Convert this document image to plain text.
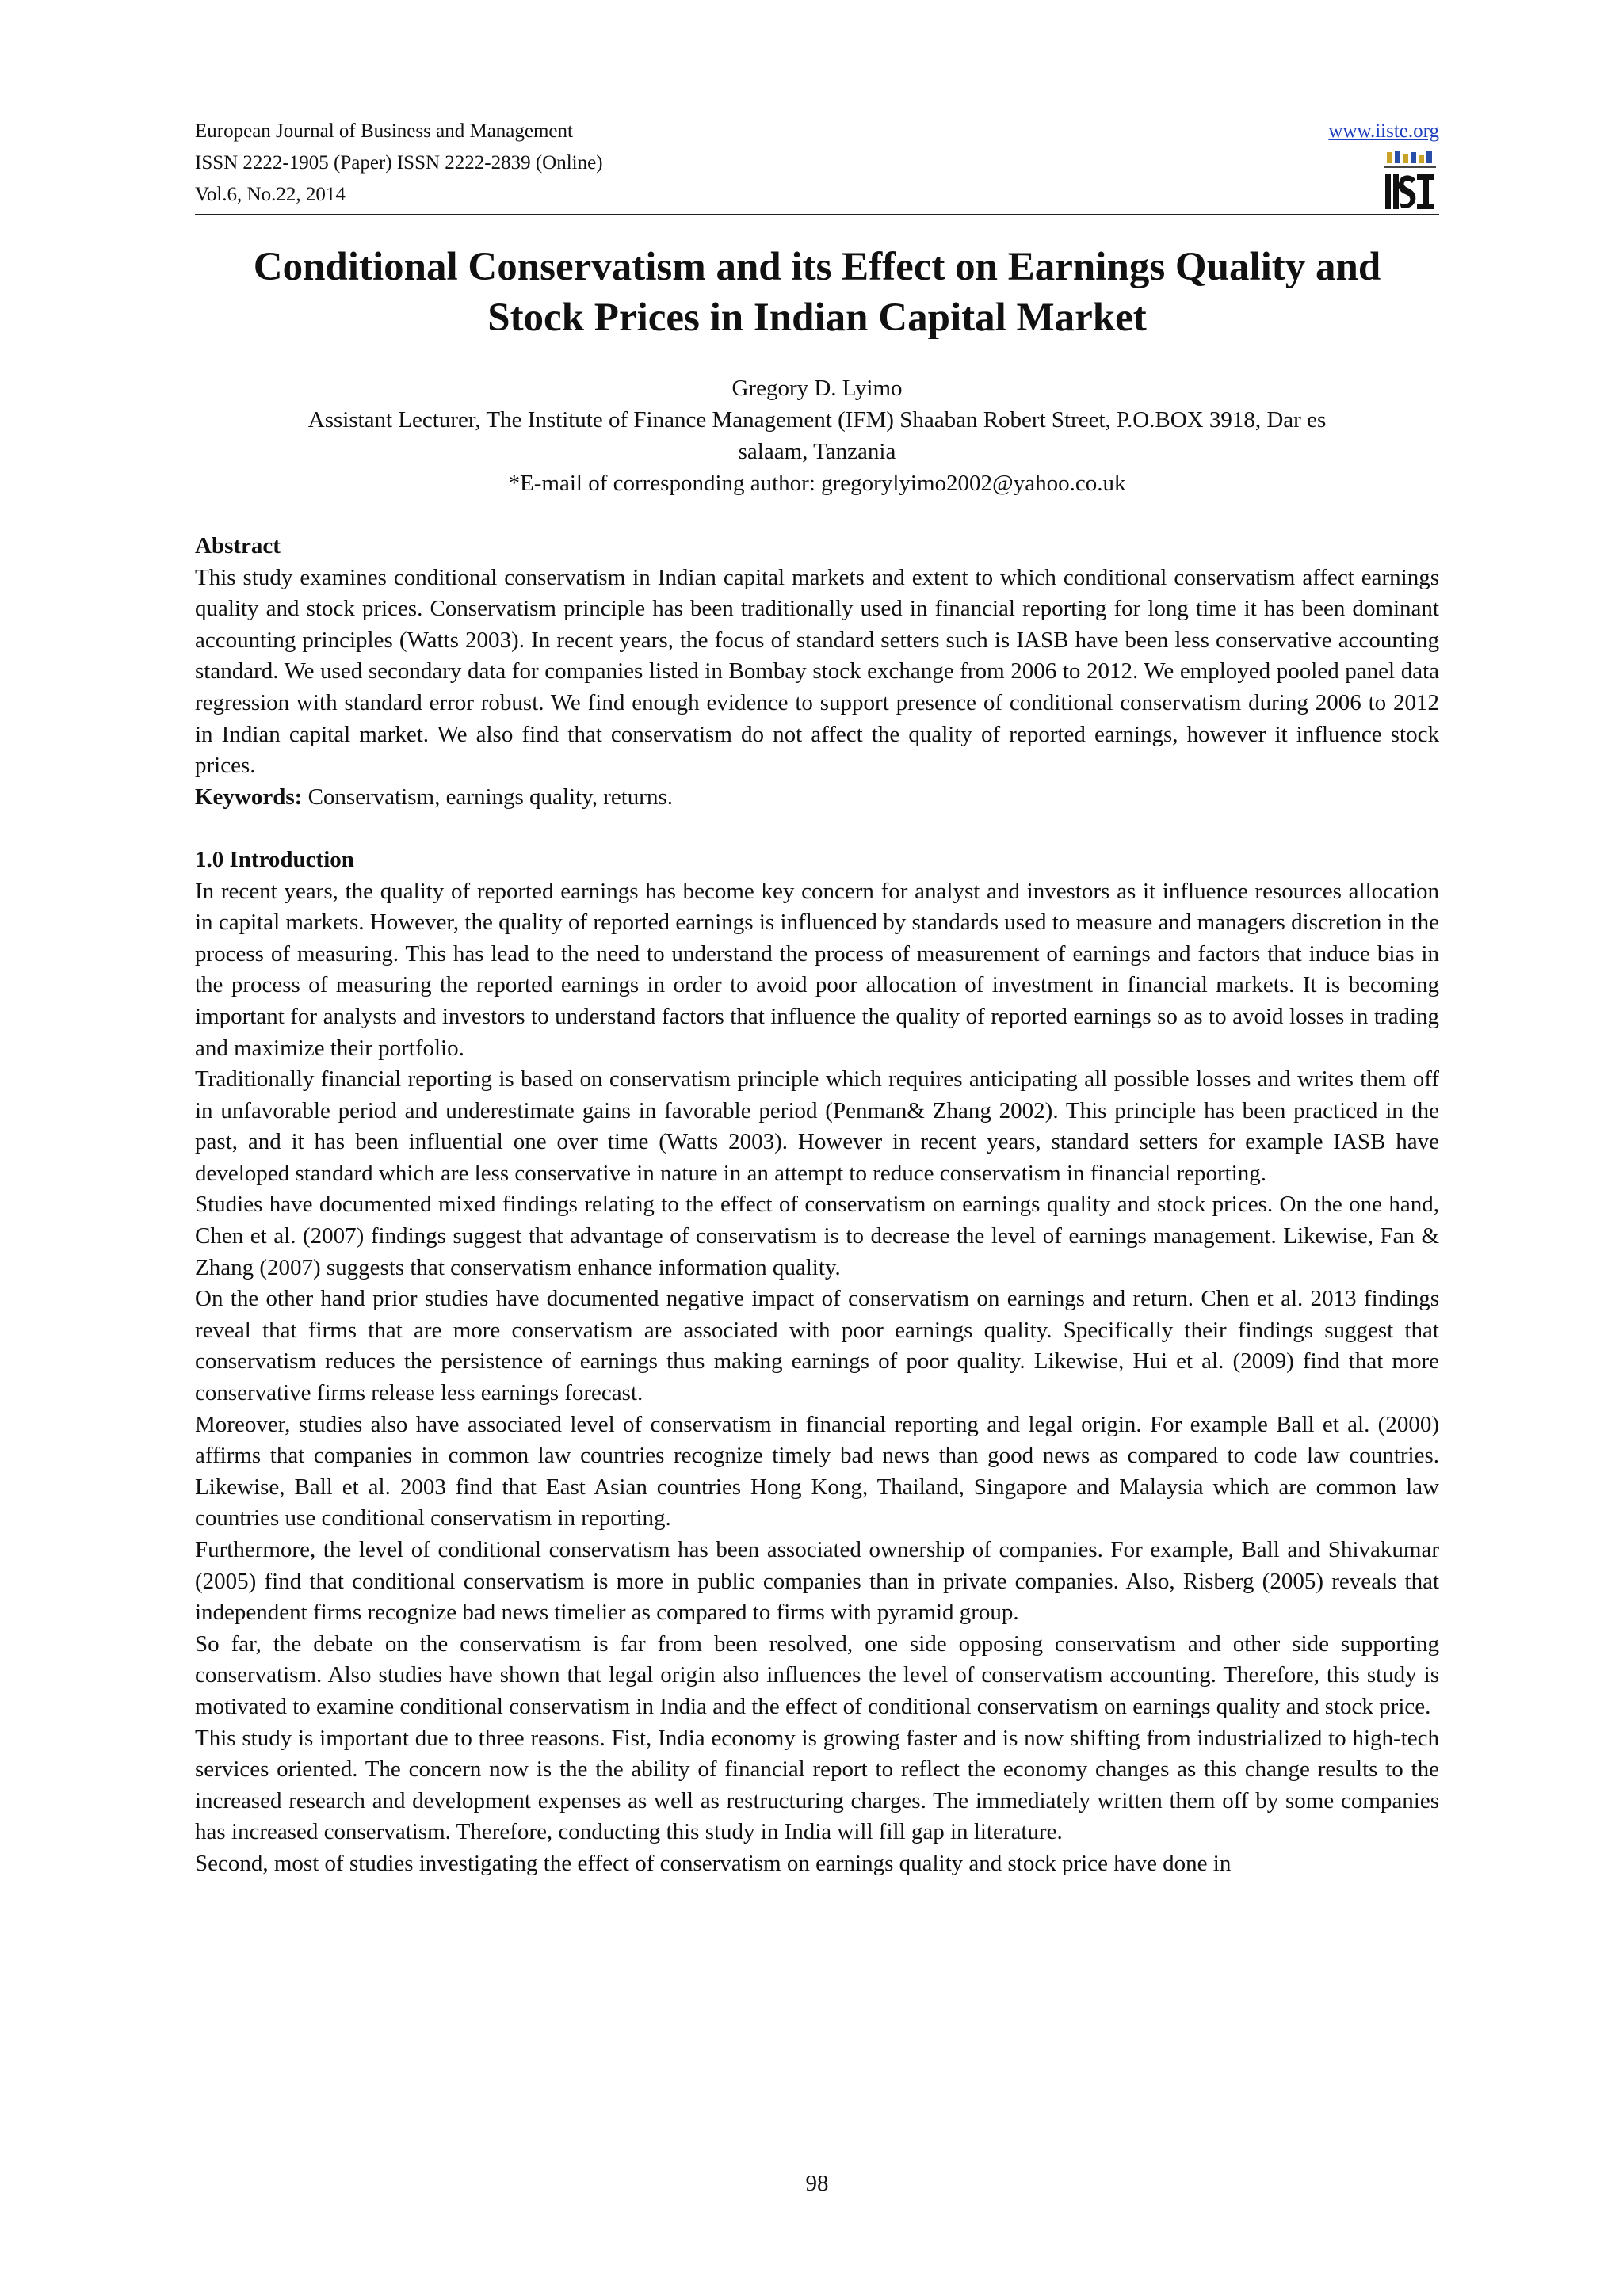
European Journal of Business and Management
ISSN 2222-1905 (Paper) ISSN 2222-2839 (Online)
Vol.6, No.22, 2014
www.iiste.org
Conditional Conservatism and its Effect on Earnings Quality and
Stock Prices in Indian Capital Market
Gregory D. Lyimo
Assistant Lecturer, The Institute of Finance Management (IFM) Shaaban Robert Street, P.O.BOX 3918, Dar es
salaam, Tanzania
*E-mail of corresponding author: gregorylyimo2002@yahoo.co.uk
Abstract

This study examines conditional conservatism in Indian capital markets and extent to which conditional conservatism affect earnings quality and stock prices. Conservatism principle has been traditionally used in financial reporting for long time it has been dominant accounting principles (Watts 2003). In recent years, the focus of standard setters such is IASB have been less conservative accounting standard. We used secondary data for companies listed in Bombay stock exchange from 2006 to 2012. We employed pooled panel data regression with standard error robust. We find enough evidence to support presence of conditional conservatism during 2006 to 2012 in Indian capital market. We also find that conservatism do not affect the quality of reported earnings, however it influence stock prices.

Keywords: Conservatism, earnings quality, returns.
1.0 Introduction

In recent years, the quality of reported earnings has become key concern for analyst and investors as it influence resources allocation in capital markets. However, the quality of reported earnings is influenced by standards used to measure and managers discretion in the process of measuring. This has lead to the need to understand the process of measurement of earnings and factors that induce bias in the process of measuring the reported earnings in order to avoid poor allocation of investment in financial markets. It is becoming important for analysts and investors to understand factors that influence the quality of reported earnings so as to avoid losses in trading and maximize their portfolio.

Traditionally financial reporting is based on conservatism principle which requires anticipating all possible losses and writes them off in unfavorable period and underestimate gains in favorable period (Penman& Zhang 2002). This principle has been practiced in the past, and it has been influential one over time (Watts 2003). However in recent years, standard setters for example IASB have developed standard which are less conservative in nature in an attempt to reduce conservatism in financial reporting.

Studies have documented mixed findings relating to the effect of conservatism on earnings quality and stock prices. On the one hand, Chen et al. (2007) findings suggest that advantage of conservatism is to decrease the level of earnings management. Likewise, Fan & Zhang (2007) suggests that conservatism enhance information quality.

On the other hand prior studies have documented negative impact of conservatism on earnings and return. Chen et al. 2013 findings reveal that firms that are more conservatism are associated with poor earnings quality. Specifically their findings suggest that conservatism reduces the persistence of earnings thus making earnings of poor quality. Likewise, Hui et al. (2009) find that more conservative firms release less earnings forecast.

Moreover, studies also have associated level of conservatism in financial reporting and legal origin. For example Ball et al. (2000) affirms that companies in common law countries recognize timely bad news than good news as compared to code law countries. Likewise, Ball et al. 2003 find that East Asian countries Hong Kong, Thailand, Singapore and Malaysia which are common law countries use conditional conservatism in reporting.

Furthermore, the level of conditional conservatism has been associated ownership of companies. For example, Ball and Shivakumar (2005) find that conditional conservatism is more in public companies than in private companies. Also, Risberg (2005) reveals that independent firms recognize bad news timelier as compared to firms with pyramid group.

So far, the debate on the conservatism is far from been resolved, one side opposing conservatism and other side supporting conservatism. Also studies have shown that legal origin also influences the level of conservatism accounting. Therefore, this study is motivated to examine conditional conservatism in India and the effect of conditional conservatism on earnings quality and stock price.

This study is important due to three reasons. Fist, India economy is growing faster and is now shifting from industrialized to high-tech services oriented. The concern now is the the ability of financial report to reflect the economy changes as this change results to the increased research and development expenses as well as restructuring charges. The immediately written them off by some companies has increased conservatism. Therefore, conducting this study in India will fill gap in literature.

Second, most of studies investigating the effect of conservatism on earnings quality and stock price have done in

98
